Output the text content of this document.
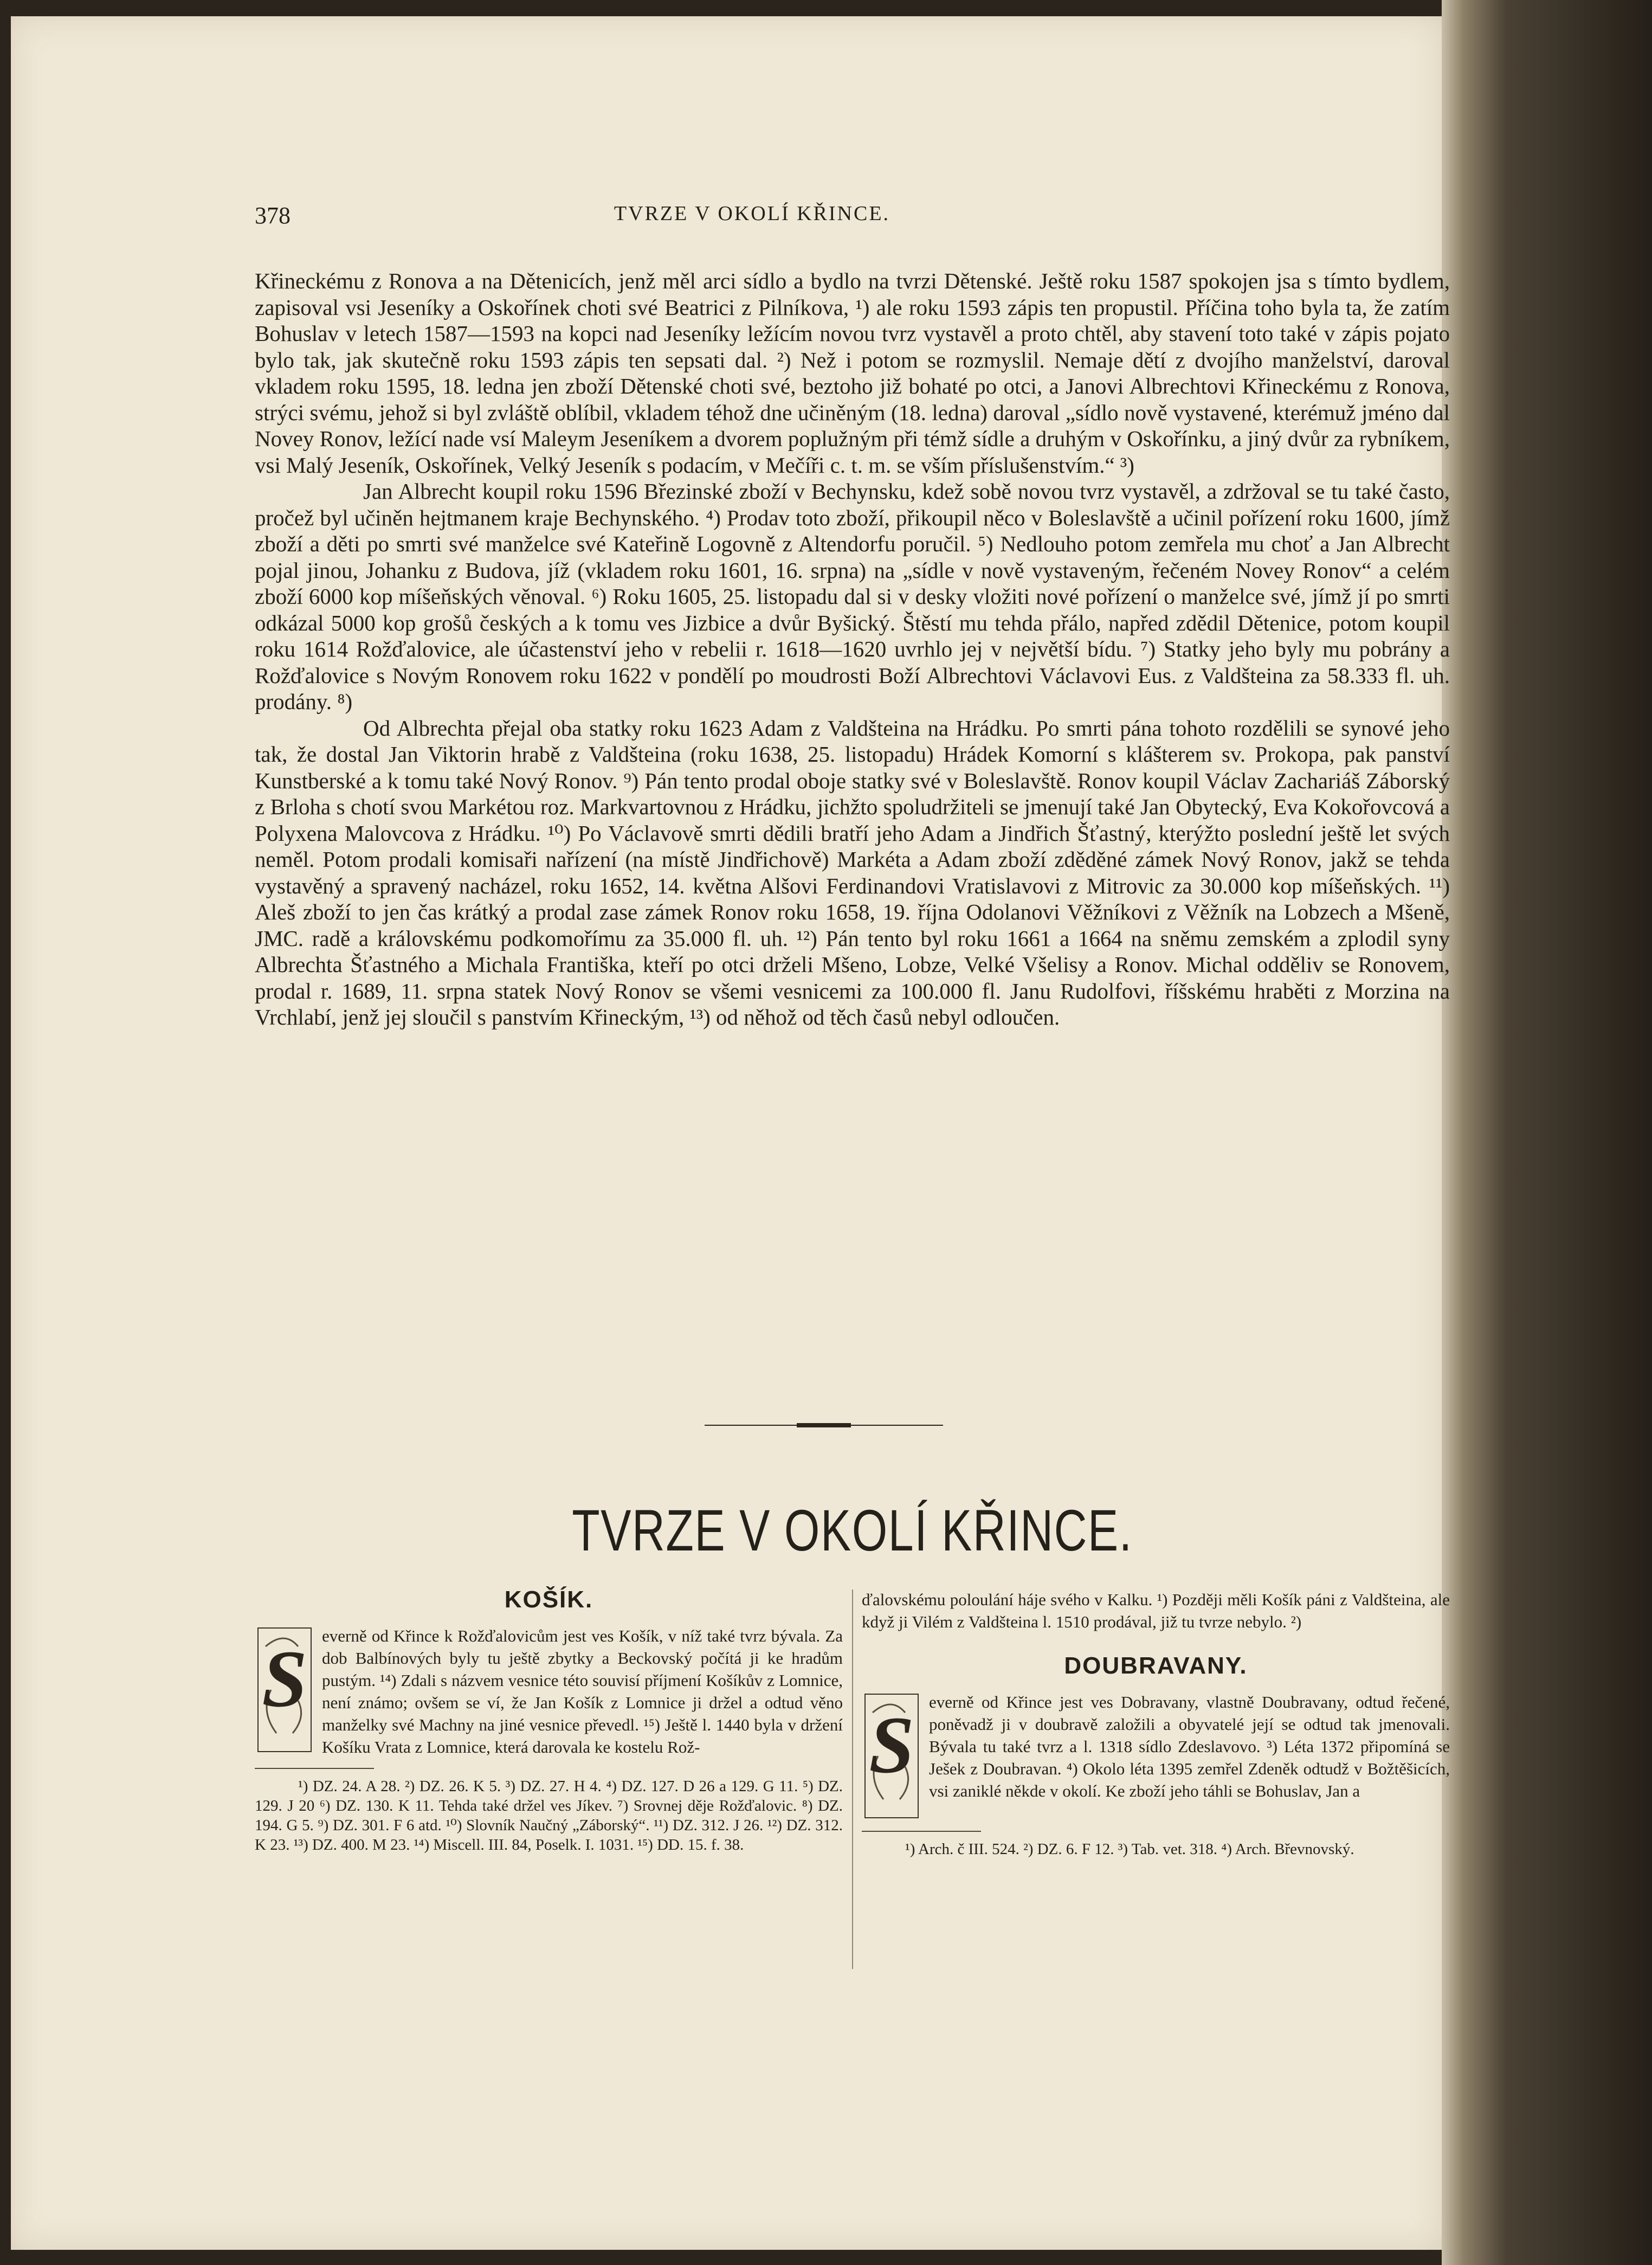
378	TVRZE V OKOLÍ KŘINCE.

Křineckému z Ronova a na Dětenicích, jenž měl arci sídlo a bydlo na tvrzi Dětenské. Ještě roku 1587 spokojen jsa s tímto bydlem, zapisoval vsi Jeseníky a Oskořínek choti své Beatrici z Pilníkova, ¹) ale roku 1593 zápis ten propustil. Příčina toho byla ta, že zatím Bohuslav v letech 1587—1593 na kopci nad Jeseníky ležícím novou tvrz vystavěl a proto chtěl, aby stavení toto také v zápis pojato bylo tak, jak skutečně roku 1593 zápis ten sepsati dal. ²) Než i potom se rozmyslil. Nemaje dětí z dvojího manželství, daroval vkladem roku 1595, 18. ledna jen zboží Dětenské choti své, beztoho již bohaté po otci, a Janovi Albrechtovi Křineckému z Ronova, strýci svému, jehož si byl zvláště oblíbil, vkladem téhož dne učiněným (18. ledna) daroval „sídlo nově vystavené, kterémuž jméno dal Novey Ronov, ležící nade vsí Maleym Jeseníkem a dvorem poplužným při témž sídle a druhým v Oskořínku, a jiný dvůr za rybníkem, vsi Malý Jeseník, Oskořínek, Velký Jeseník s podacím, v Mečíři c. t. m. se vším příslušenstvím.“ ³)

Jan Albrecht koupil roku 1596 Březinské zboží v Bechynsku, kdež sobě novou tvrz vystavěl, a zdržoval se tu také často, pročež byl učiněn hejtmanem kraje Bechynského. ⁴) Prodav toto zboží, přikoupil něco v Boleslavště a učinil pořízení roku 1600, jímž zboží a děti po smrti své manželce své Kateřině Logovně z Altendorfu poručil. ⁵) Nedlouho potom zemřela mu choť a Jan Albrecht pojal jinou, Johanku z Budova, jíž (vkladem roku 1601, 16. srpna) na „sídle v nově vystaveným, řečeném Novey Ronov“ a celém zboží 6000 kop míšeňských věnoval. ⁶) Roku 1605, 25. listopadu dal si v desky vložiti nové pořízení o manželce své, jímž jí po smrti odkázal 5000 kop grošů českých a k tomu ves Jizbice a dvůr Byšický. Štěstí mu tehda přálo, napřed zdědil Dětenice, potom koupil roku 1614 Rožďalovice, ale účastenství jeho v rebelii r. 1618—1620 uvrhlo jej v největší bídu. ⁷) Statky jeho byly mu pobrány a Rožďalovice s Novým Ronovem roku 1622 v pondělí po moudrosti Boží Albrechtovi Václavovi Eus. z Valdšteina za 58.333 fl. uh. prodány. ⁸)

Od Albrechta přejal oba statky roku 1623 Adam z Valdšteina na Hrádku. Po smrti pána tohoto rozdělili se synové jeho tak, že dostal Jan Viktorin hrabě z Valdšteina (roku 1638, 25. listopadu) Hrádek Komorní s klášterem sv. Prokopa, pak panství Kunstberské a k tomu také Nový Ronov. ⁹) Pán tento prodal oboje statky své v Boleslavště. Ronov koupil Václav Zachariáš Záborský z Brloha s chotí svou Markétou roz. Markvartovnou z Hrádku, jichžto spoludržiteli se jmenují také Jan Obytecký, Eva Kokořovcová a Polyxena Malovcova z Hrádku. ¹⁰) Po Václavově smrti dědili bratří jeho Adam a Jindřich Šťastný, kterýžto poslední ještě let svých neměl. Potom prodali komisaři nařízení (na místě Jindřichově) Markéta a Adam zboží zděděné zámek Nový Ronov, jakž se tehda vystavěný a spravený nacházel, roku 1652, 14. května Alšovi Ferdinandovi Vratislavovi z Mitrovic za 30.000 kop míšeňských. ¹¹) Aleš zboží to jen čas krátký a prodal zase zámek Ronov roku 1658, 19. října Odolanovi Věžníkovi z Věžník na Lobzech a Mšeně, JMC. radě a královskému podkomořímu za 35.000 fl. uh. ¹²) Pán tento byl roku 1661 a 1664 na sněmu zemském a zplodil syny Albrechta Šťastného a Michala Františka, kteří po otci drželi Mšeno, Lobze, Velké Všelisy a Ronov. Michal odděliv se Ronovem, prodal r. 1689, 11. srpna statek Nový Ronov se všemi vesnicemi za 100.000 fl. Janu Rudolfovi, říšskému hraběti z Morzina na Vrchlabí, jenž jej sloučil s panstvím Křineckým, ¹³) od něhož od těch časů nebyl odloučen.

TVRZE V OKOLÍ KŘINCE.
KOŠÍK.
S everně od Křince k Rožďalovicům jest ves Košík, v níž také tvrz bývala. Za dob Balbínových byly tu ještě zbytky a Beckovský počítá ji ke hradům pustým. ¹⁴) Zdali s názvem vesnice této souvisí příjmení Košíkův z Lomnice, není známo; ovšem se ví, že Jan Košík z Lomnice ji držel a odtud věno manželky své Machny na jiné vesnice převedl. ¹⁵) Ještě l. 1440 byla v držení Košíku Vrata z Lomnice, která darovala ke kostelu Rož-

¹) DZ. 24. A 28. ²) DZ. 26. K 5. ³) DZ. 27. H 4. ⁴) DZ. 127. D 26 a 129. G 11. ⁵) DZ. 129. J 20 ⁶) DZ. 130. K 11. Tehda také držel ves Jíkev. ⁷) Srovnej děje Rožďalovic. ⁸) DZ. 194. G 5. ⁹) DZ. 301. F 6 atd. ¹⁰) Slovník Naučný „Záborský“. ¹¹) DZ. 312. J 26. ¹²) DZ. 312. K 23. ¹³) DZ. 400. M 23. ¹⁴) Miscell. III. 84, Poselk. I. 1031. ¹⁵) DD. 15. f. 38.

ďalovskému poloulání háje svého v Kalku. ¹) Později měli Košík páni z Valdšteina, ale když ji Vilém z Valdšteina l. 1510 prodával, již tu tvrze nebylo. ²)

DOUBRAVANY.
S everně od Křince jest ves Dobravany, vlastně Doubravany, odtud řečené, poněvadž ji v doubravě založili a obyvatelé její se odtud tak jmenovali. Bývala tu také tvrz a l. 1318 sídlo Zdeslavovo. ³) Léta 1372 připomíná se Ješek z Doubravan. ⁴) Okolo léta 1395 zemřel Zdeněk odtudž v Božtěšicích, vsi zaniklé někde v okolí. Ke zboží jeho táhli se Bohuslav, Jan a

¹) Arch. č III. 524. ²) DZ. 6. F 12. ³) Tab. vet. 318. ⁴) Arch. Břevnovský.
